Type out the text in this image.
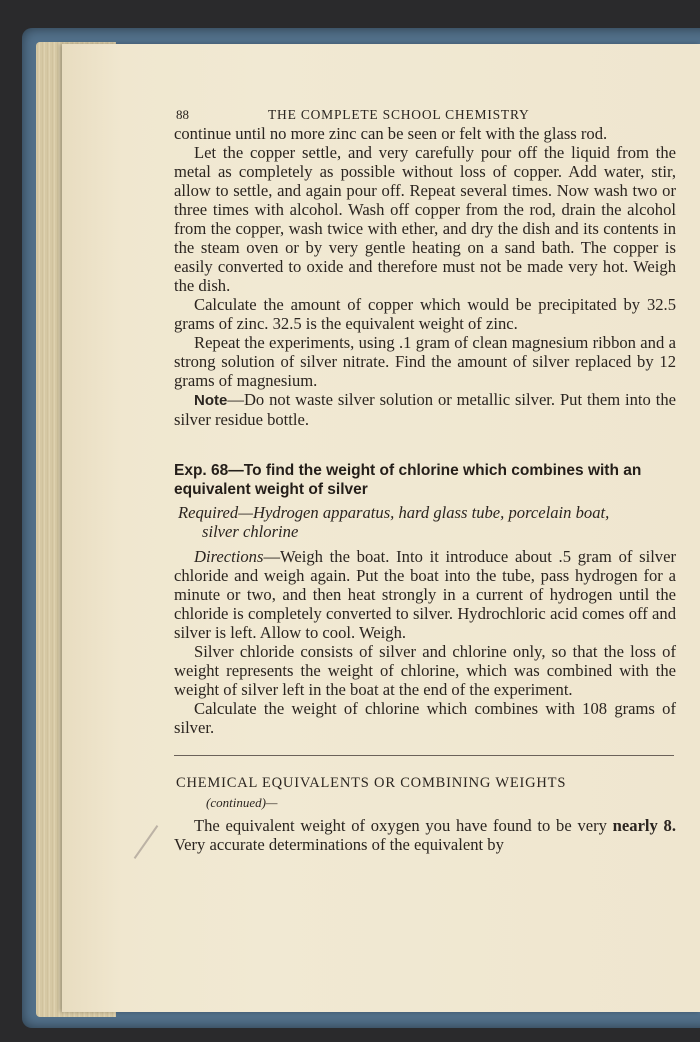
88	THE COMPLETE SCHOOL CHEMISTRY

continue until no more zinc can be seen or felt with the glass rod.

Let the copper settle, and very carefully pour off the liquid from the metal as completely as possible without loss of copper. Add water, stir, allow to settle, and again pour off. Repeat several times. Now wash two or three times with alcohol. Wash off copper from the rod, drain the alcohol from the copper, wash twice with ether, and dry the dish and its contents in the steam oven or by very gentle heating on a sand bath. The copper is easily converted to oxide and therefore must not be made very hot. Weigh the dish.

Calculate the amount of copper which would be precipitated by 32.5 grams of zinc. 32.5 is the equivalent weight of zinc.

Repeat the experiments, using .1 gram of clean magnesium ribbon and a strong solution of silver nitrate. Find the amount of silver replaced by 12 grams of magnesium.

Note—Do not waste silver solution or metallic silver. Put them into the silver residue bottle.

Exp. 68—To find the weight of chlorine which combines with an equivalent weight of silver

Required—Hydrogen apparatus, hard glass tube, porcelain boat,
silver chlorine

Directions—Weigh the boat. Into it introduce about .5 gram of silver chloride and weigh again. Put the boat into the tube, pass hydrogen for a minute or two, and then heat strongly in a current of hydrogen until the chloride is completely converted to silver. Hydrochloric acid comes off and silver is left. Allow to cool. Weigh.

Silver chloride consists of silver and chlorine only, so that the loss of weight represents the weight of chlorine, which was combined with the weight of silver left in the boat at the end of the experiment.

Calculate the weight of chlorine which combines with 108 grams of silver.

CHEMICAL EQUIVALENTS OR COMBINING WEIGHTS
(continued)—

The equivalent weight of oxygen you have found to be very nearly 8. Very accurate determinations of the equivalent by
